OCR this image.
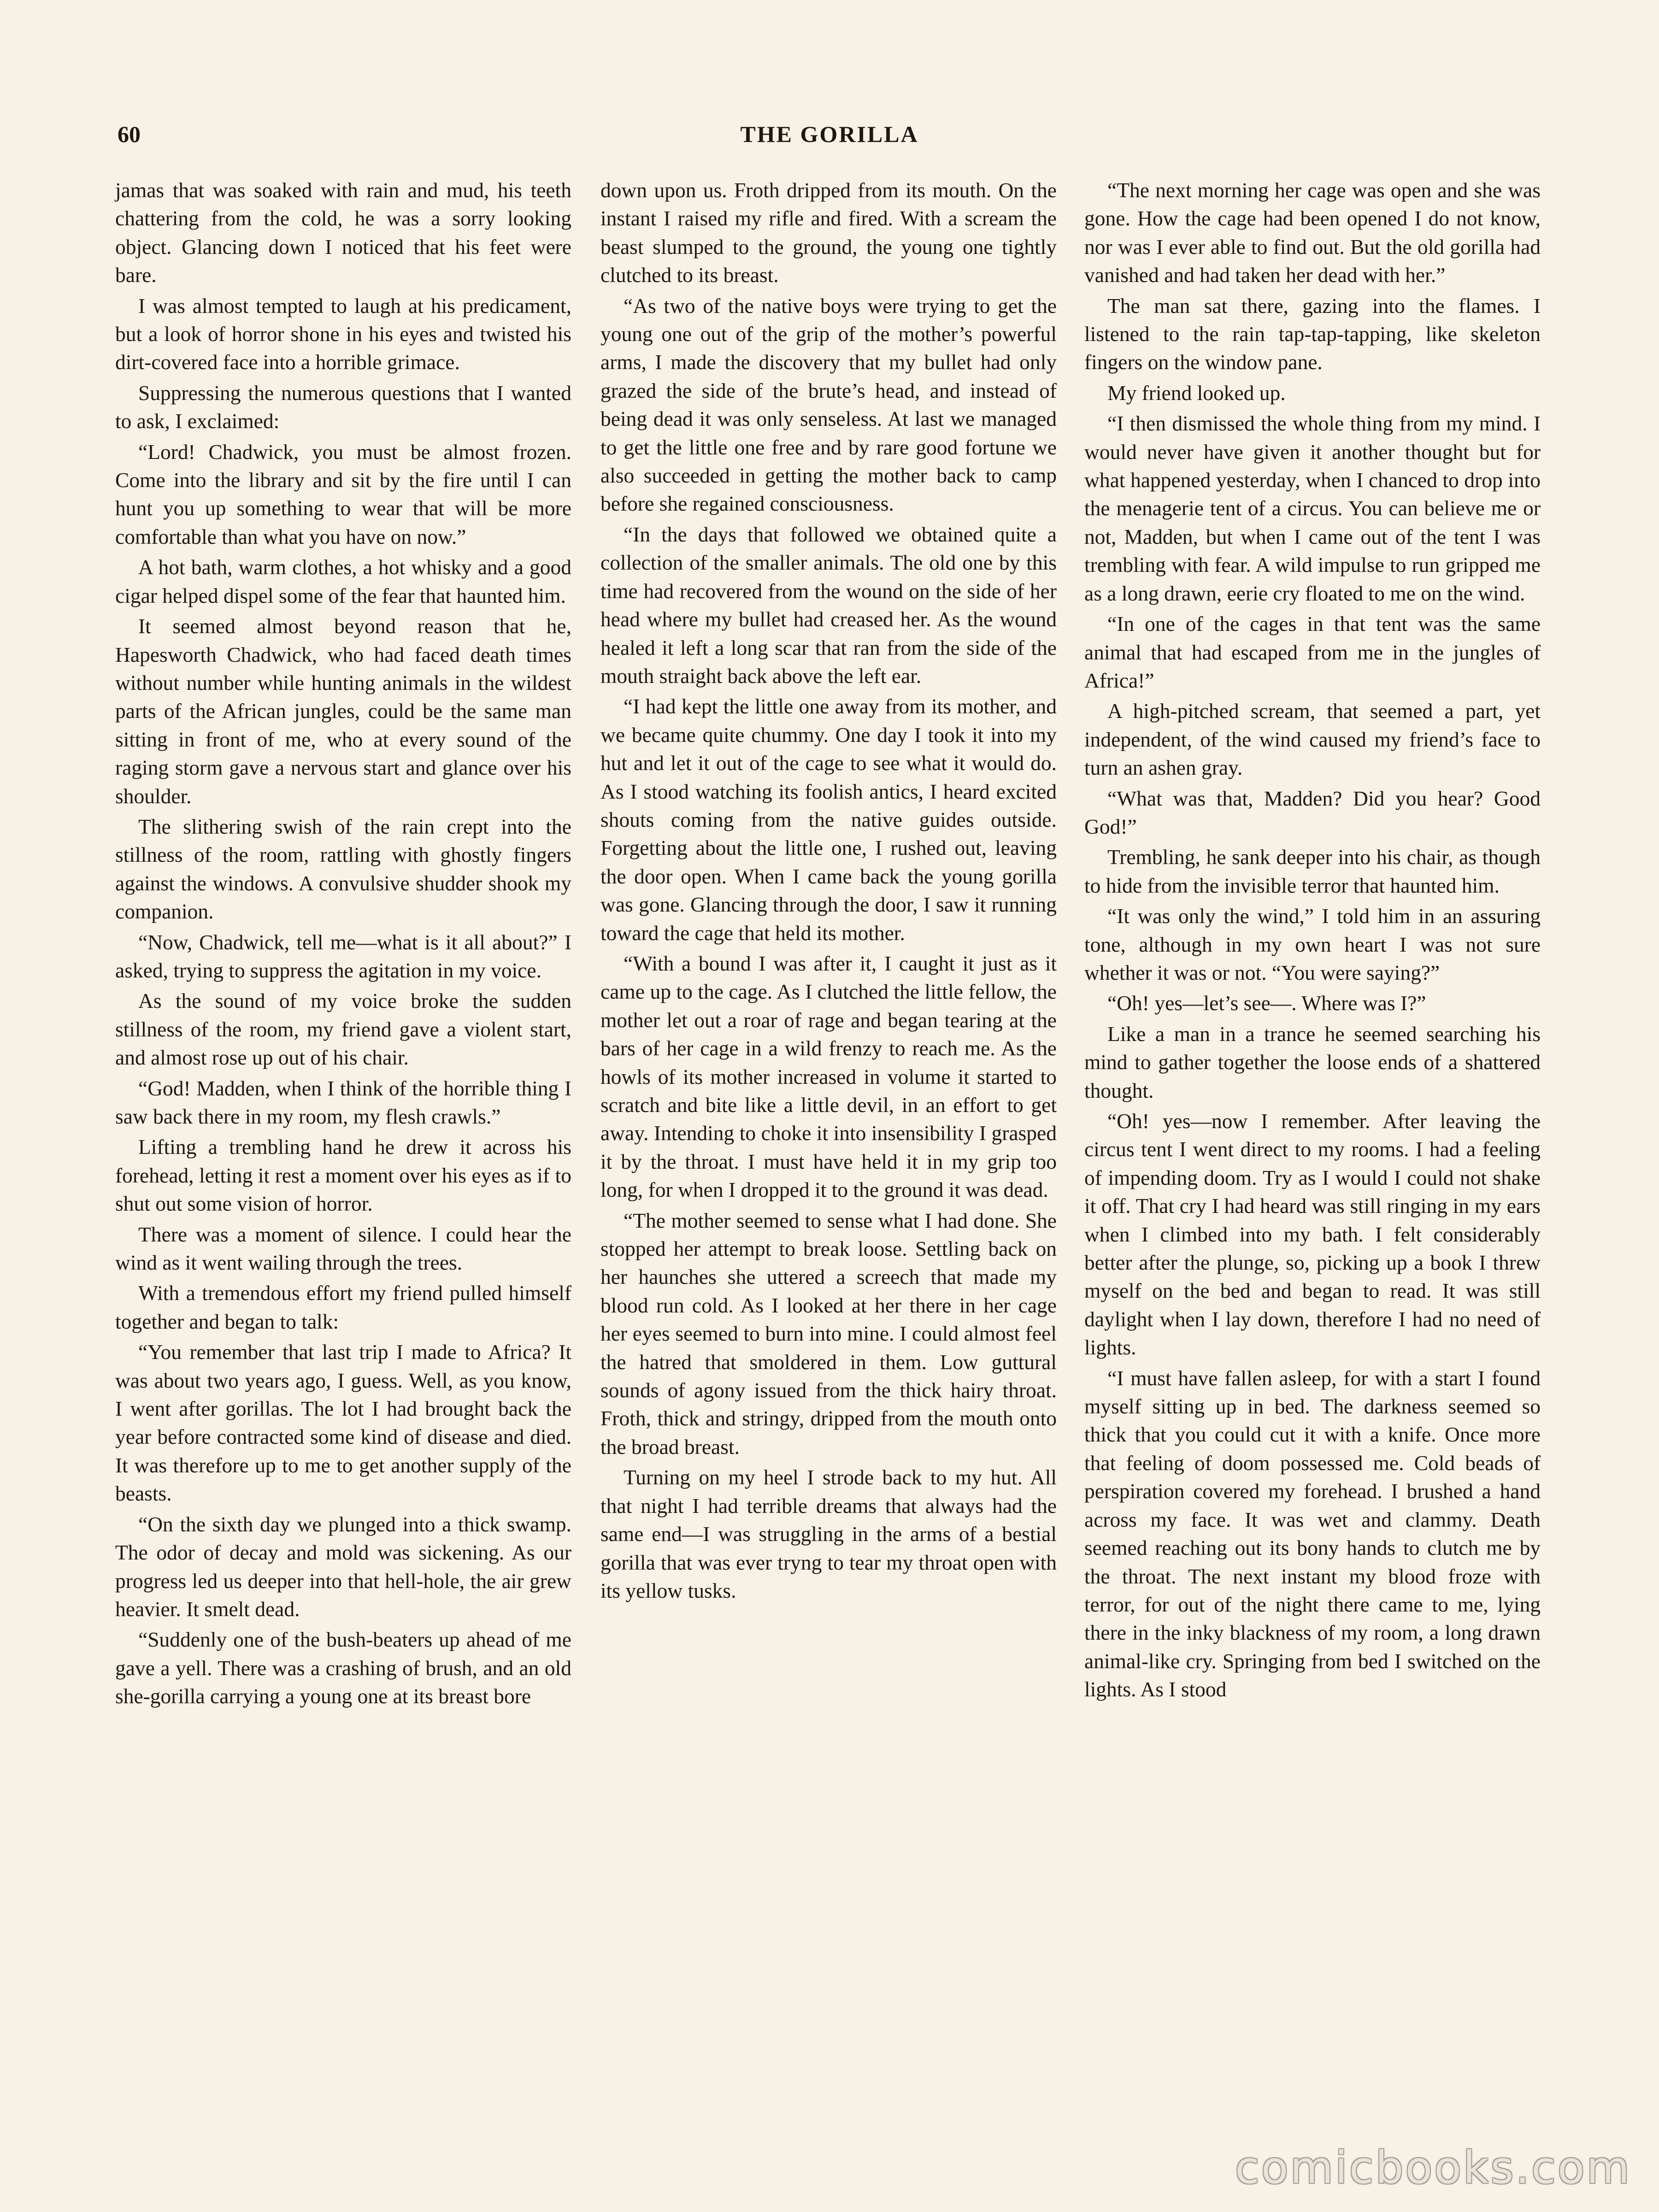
60	THE GORILLA

jamas that was soaked with rain and mud, his teeth chattering from the cold, he was a sorry looking object. Glancing down I noticed that his feet were bare.

I was almost tempted to laugh at his predicament, but a look of horror shone in his eyes and twisted his dirt-covered face into a horrible grimace.

Suppressing the numerous questions that I wanted to ask, I exclaimed:

“Lord! Chadwick, you must be almost frozen. Come into the library and sit by the fire until I can hunt you up something to wear that will be more comfortable than what you have on now.”

A hot bath, warm clothes, a hot whisky and a good cigar helped dispel some of the fear that haunted him.

It seemed almost beyond reason that he, Hapesworth Chadwick, who had faced death times without number while hunting animals in the wildest parts of the African jungles, could be the same man sitting in front of me, who at every sound of the raging storm gave a nervous start and glance over his shoulder.

The slithering swish of the rain crept into the stillness of the room, rattling with ghostly fingers against the windows. A convulsive shudder shook my companion.

“Now, Chadwick, tell me—what is it all about?” I asked, trying to suppress the agitation in my voice.

As the sound of my voice broke the sudden stillness of the room, my friend gave a violent start, and almost rose up out of his chair.

“God! Madden, when I think of the horrible thing I saw back there in my room, my flesh crawls.”

Lifting a trembling hand he drew it across his forehead, letting it rest a moment over his eyes as if to shut out some vision of horror.

There was a moment of silence. I could hear the wind as it went wailing through the trees.

With a tremendous effort my friend pulled himself together and began to talk:

“You remember that last trip I made to Africa? It was about two years ago, I guess. Well, as you know, I went after gorillas. The lot I had brought back the year before contracted some kind of disease and died. It was therefore up to me to get another supply of the beasts.

“On the sixth day we plunged into a thick swamp. The odor of decay and mold was sickening. As our progress led us deeper into that hell-hole, the air grew heavier. It smelt dead.

“Suddenly one of the bush-beaters up ahead of me gave a yell. There was a crashing of brush, and an old she-gorilla carrying a young one at its breast bore

down upon us. Froth dripped from its mouth. On the instant I raised my rifle and fired. With a scream the beast slumped to the ground, the young one tightly clutched to its breast.

“As two of the native boys were trying to get the young one out of the grip of the mother’s powerful arms, I made the discovery that my bullet had only grazed the side of the brute’s head, and instead of being dead it was only senseless. At last we managed to get the little one free and by rare good fortune we also succeeded in getting the mother back to camp before she regained consciousness.

“In the days that followed we obtained quite a collection of the smaller animals. The old one by this time had recovered from the wound on the side of her head where my bullet had creased her. As the wound healed it left a long scar that ran from the side of the mouth straight back above the left ear.

“I had kept the little one away from its mother, and we became quite chummy. One day I took it into my hut and let it out of the cage to see what it would do. As I stood watching its foolish antics, I heard excited shouts coming from the native guides outside. Forgetting about the little one, I rushed out, leaving the door open. When I came back the young gorilla was gone. Glancing through the door, I saw it running toward the cage that held its mother.

“With a bound I was after it, I caught it just as it came up to the cage. As I clutched the little fellow, the mother let out a roar of rage and began tearing at the bars of her cage in a wild frenzy to reach me. As the howls of its mother increased in volume it started to scratch and bite like a little devil, in an effort to get away. Intending to choke it into insensibility I grasped it by the throat. I must have held it in my grip too long, for when I dropped it to the ground it was dead.

“The mother seemed to sense what I had done. She stopped her attempt to break loose. Settling back on her haunches she uttered a screech that made my blood run cold. As I looked at her there in her cage her eyes seemed to burn into mine. I could almost feel the hatred that smoldered in them. Low guttural sounds of agony issued from the thick hairy throat. Froth, thick and stringy, dripped from the mouth onto the broad breast.

Turning on my heel I strode back to my hut. All that night I had terrible dreams that always had the same end—I was struggling in the arms of a bestial gorilla that was ever tryng to tear my throat open with its yellow tusks.

“The next morning her cage was open and she was gone. How the cage had been opened I do not know, nor was I ever able to find out. But the old gorilla had vanished and had taken her dead with her.”

The man sat there, gazing into the flames. I listened to the rain tap-tap-tapping, like skeleton fingers on the window pane.

My friend looked up.

“I then dismissed the whole thing from my mind. I would never have given it another thought but for what happened yesterday, when I chanced to drop into the menagerie tent of a circus. You can believe me or not, Madden, but when I came out of the tent I was trembling with fear. A wild impulse to run gripped me as a long drawn, eerie cry floated to me on the wind.

“In one of the cages in that tent was the same animal that had escaped from me in the jungles of Africa!”

A high-pitched scream, that seemed a part, yet independent, of the wind caused my friend’s face to turn an ashen gray.

“What was that, Madden? Did you hear? Good God!”

Trembling, he sank deeper into his chair, as though to hide from the invisible terror that haunted him.

“It was only the wind,” I told him in an assuring tone, although in my own heart I was not sure whether it was or not. “You were saying?”

“Oh! yes—let’s see—. Where was I?”

Like a man in a trance he seemed searching his mind to gather together the loose ends of a shattered thought.

“Oh! yes—now I remember. After leaving the circus tent I went direct to my rooms. I had a feeling of impending doom. Try as I would I could not shake it off. That cry I had heard was still ringing in my ears when I climbed into my bath. I felt considerably better after the plunge, so, picking up a book I threw myself on the bed and began to read. It was still daylight when I lay down, therefore I had no need of lights.

“I must have fallen asleep, for with a start I found myself sitting up in bed. The darkness seemed so thick that you could cut it with a knife. Once more that feeling of doom possessed me. Cold beads of perspiration covered my forehead. I brushed a hand across my face. It was wet and clammy. Death seemed reaching out its bony hands to clutch me by the throat. The next instant my blood froze with terror, for out of the night there came to me, lying there in the inky blackness of my room, a long drawn animal-like cry. Springing from bed I switched on the lights. As I stood

comicbooks.com
